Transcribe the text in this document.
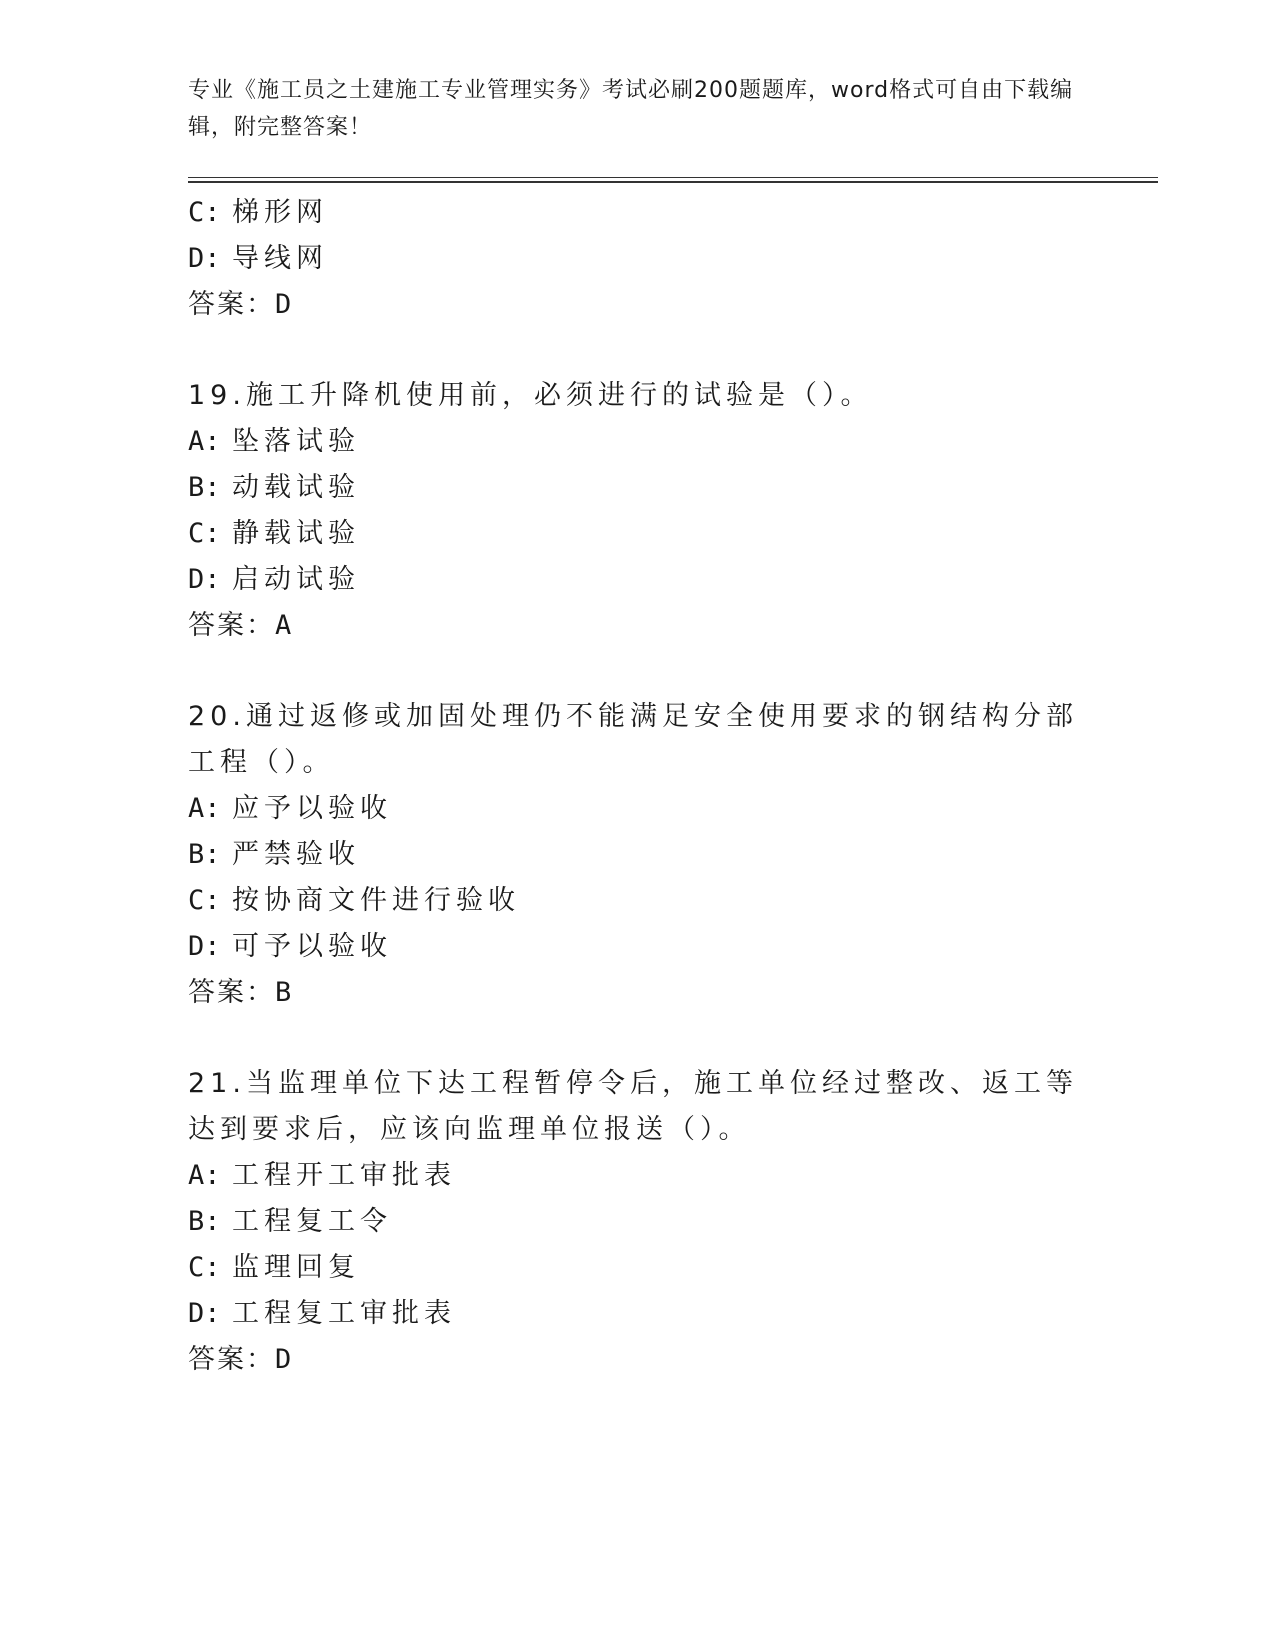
专业《施工员之土建施工专业管理实务》考试必刷200题题库，word格式可自由下载编辑，附完整答案！
C: 梯形网
D: 导线网
答案：D
19.施工升降机使用前，必须进行的试验是（）。
A: 坠落试验
B: 动载试验
C: 静载试验
D: 启动试验
答案：A
20.通过返修或加固处理仍不能满足安全使用要求的钢结构分部工程（）。
A: 应予以验收
B: 严禁验收
C: 按协商文件进行验收
D: 可予以验收
答案：B
21.当监理单位下达工程暂停令后，施工单位经过整改、返工等达到要求后，应该向监理单位报送（）。
A: 工程开工审批表
B: 工程复工令
C: 监理回复
D: 工程复工审批表
答案：D
